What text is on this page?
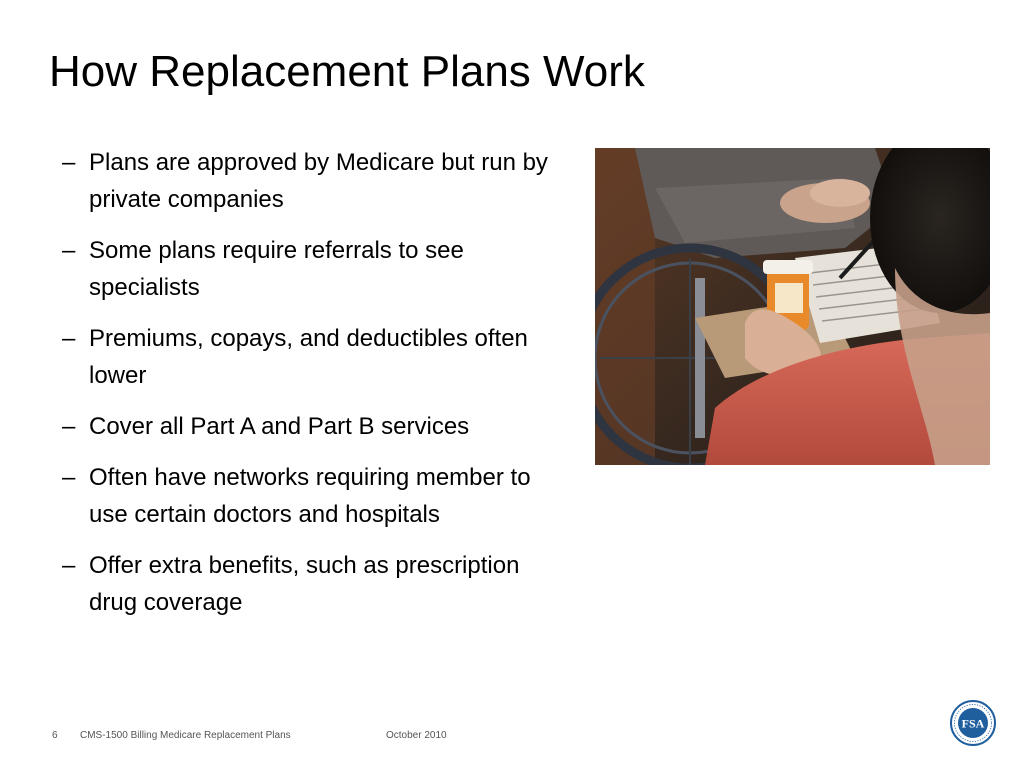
How Replacement Plans Work
– Plans are approved by Medicare but run by private companies
– Some plans require referrals to see specialists
– Premiums, copays, and deductibles often lower
– Cover all Part A and Part B services
– Often have networks requiring member to use certain doctors and hospitals
– Offer extra benefits, such as prescription drug coverage
6 CMS-1500 Billing Medicare Replacement Plans	October 2010
FSA
